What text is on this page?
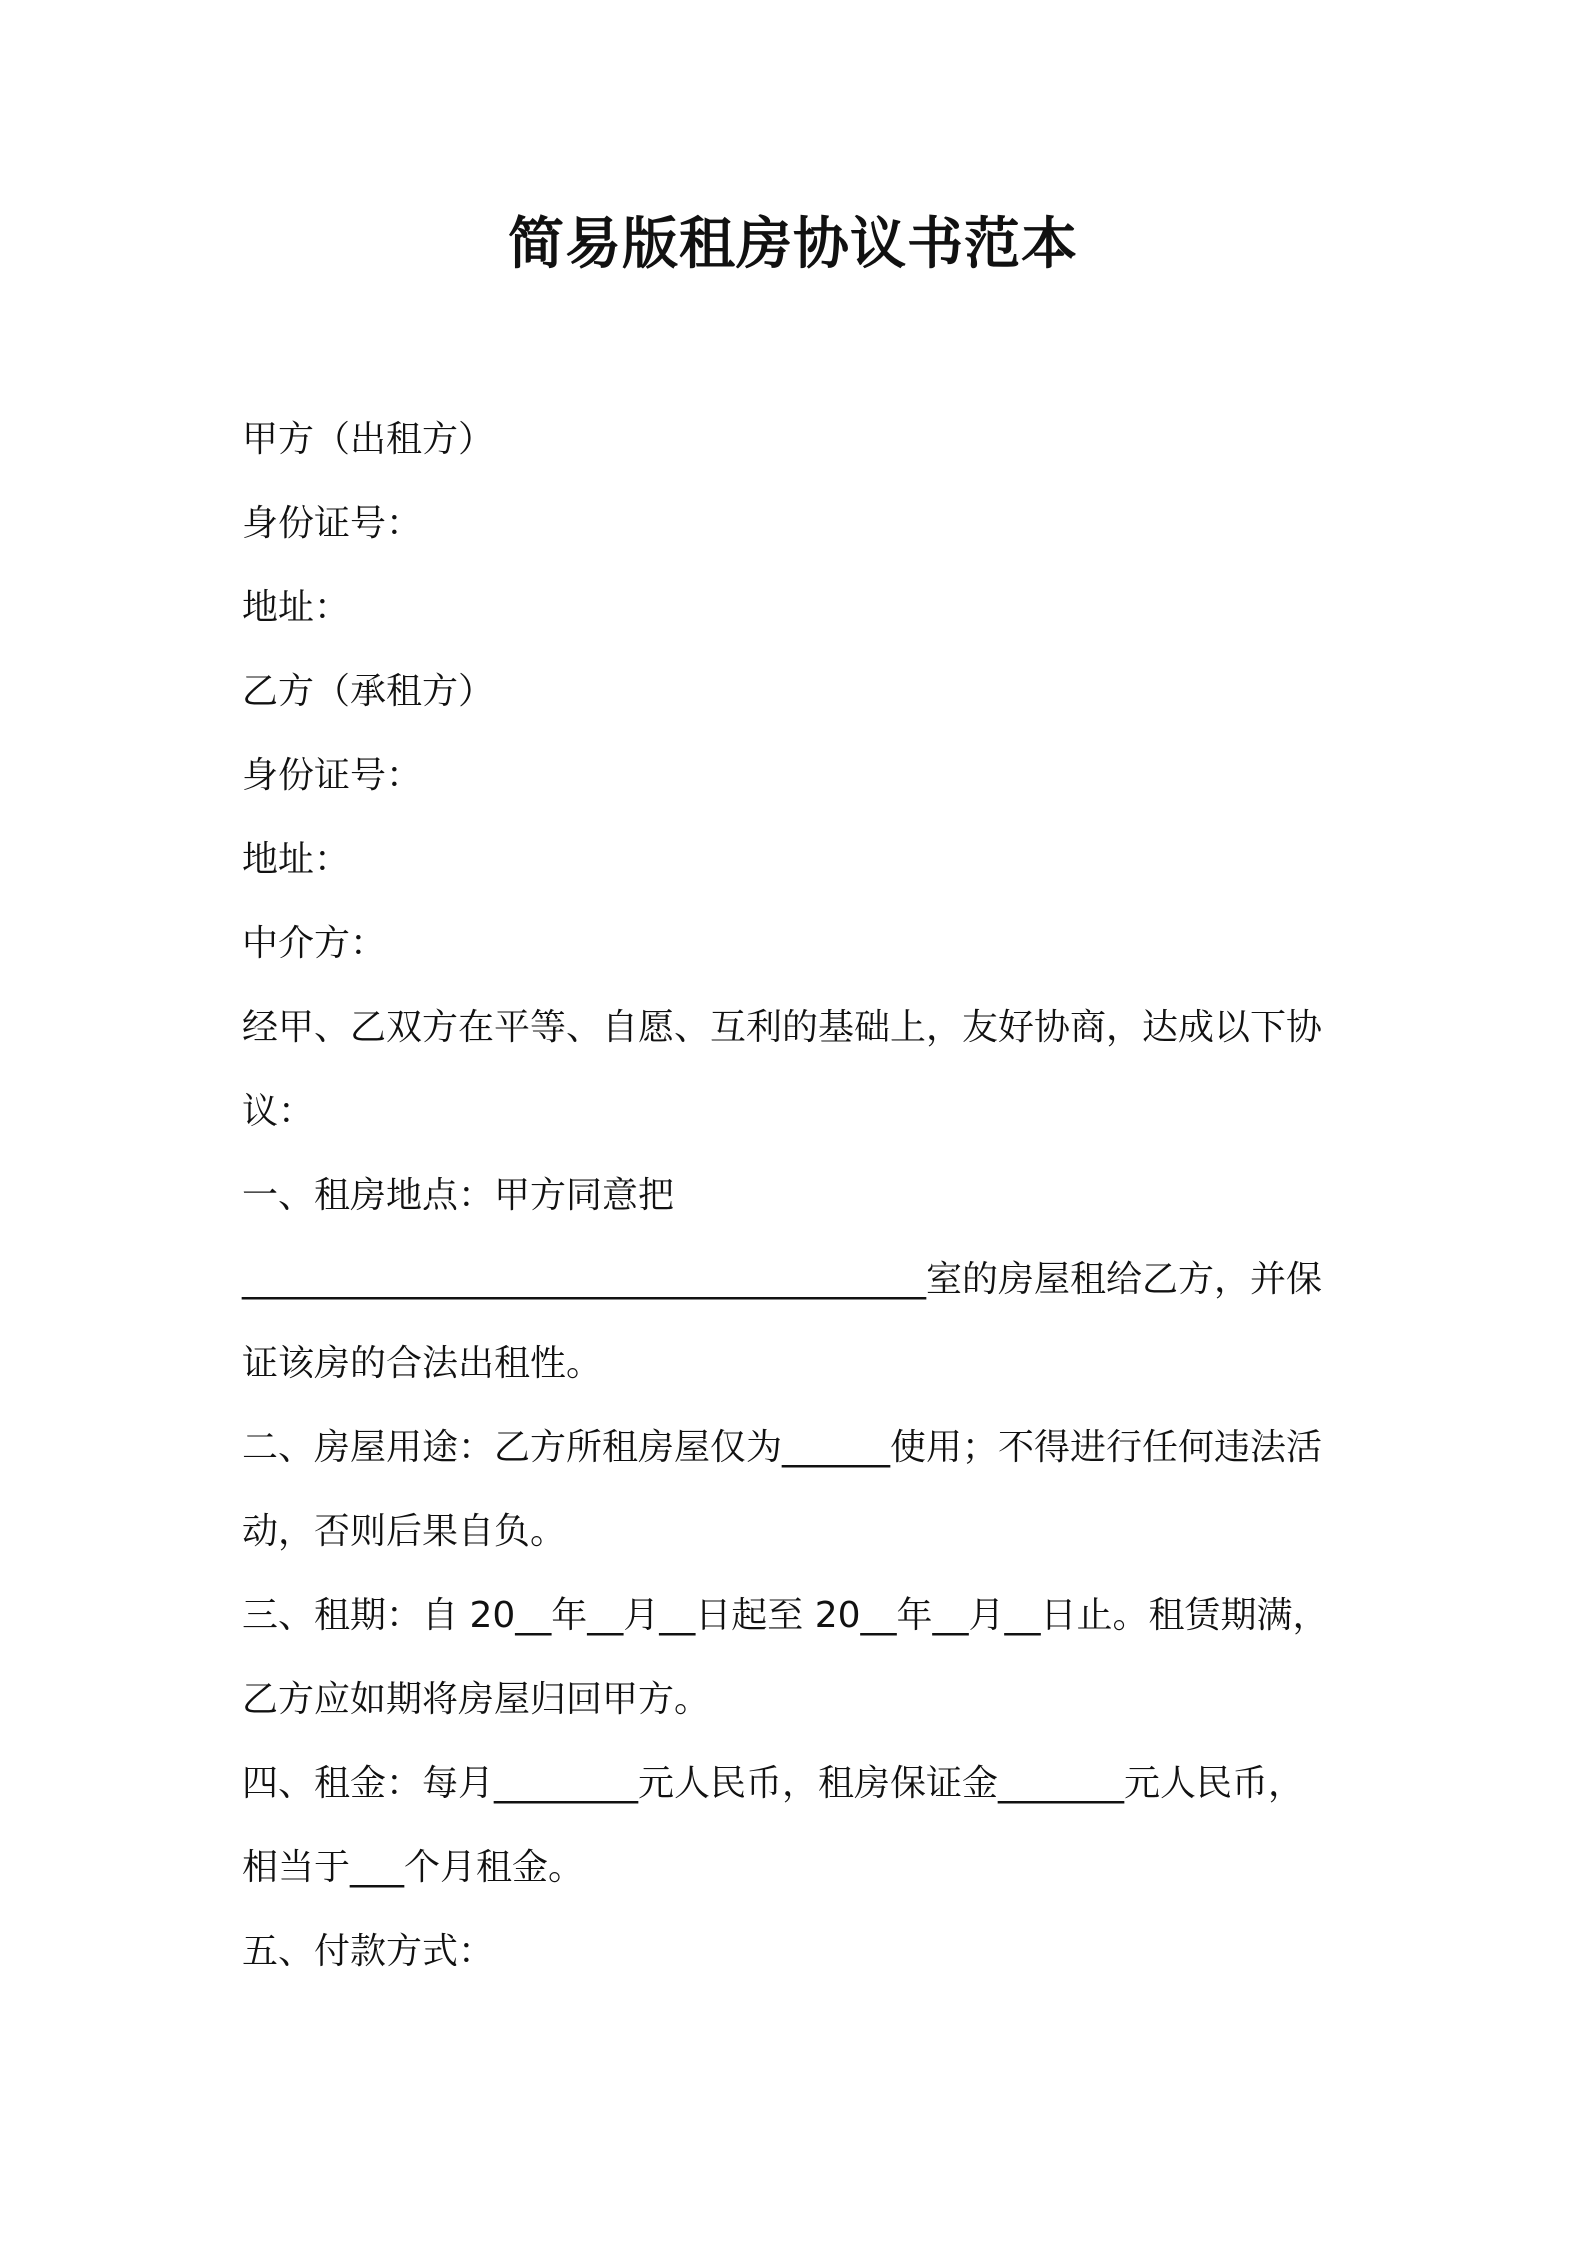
简易版租房协议书范本
甲方（出租方）
身份证号：
地址：
乙方（承租方）
身份证号：
地址：
中介方：
经甲、乙双方在平等、自愿、互利的基础上，友好协商，达成以下协
议：
一、租房地点：甲方同意把
______________________________________室的房屋租给乙方，并保
证该房的合法出租性。
二、房屋用途：乙方所租房屋仅为______使用；不得进行任何违法活
动，否则后果自负。
三、租期：自 20__年__月__日起至 20__年__月__日止。租赁期满，
乙方应如期将房屋归回甲方。
四、租金：每月________元人民币，租房保证金_______元人民币，
相当于___个月租金。
五、付款方式：
